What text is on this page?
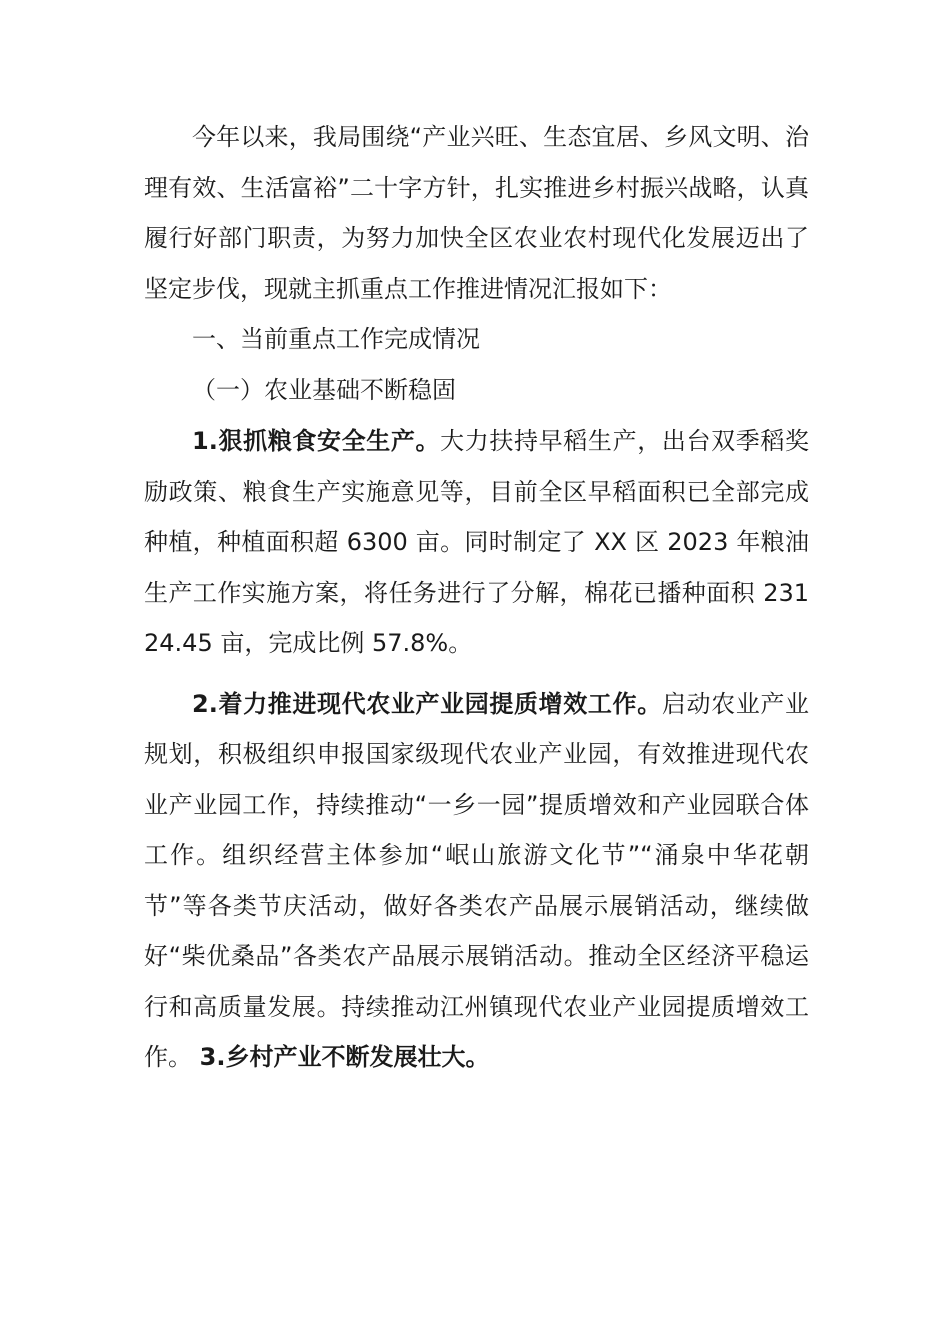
今年以来，我局围绕“产业兴旺、生态宜居、乡风文明、治理有效、生活富裕”二十字方针，扎实推进乡村振兴战略，认真履行好部门职责，为努力加快全区农业农村现代化发展迈出了坚定步伐，现就主抓重点工作推进情况汇报如下：

一、当前重点工作完成情况

（一）农业基础不断稳固

1.狠抓粮食安全生产。大力扶持早稻生产，出台双季稻奖励政策、粮食生产实施意见等，目前全区早稻面积已全部完成种植，种植面积超 6300 亩。同时制定了 XX 区 2023 年粮油生产工作实施方案，将任务进行了分解，棉花已播种面积 23124.45 亩，完成比例 57.8%。

2.着力推进现代农业产业园提质增效工作。启动农业产业规划，积极组织申报国家级现代农业产业园，有效推进现代农业产业园工作，持续推动“一乡一园”提质增效和产业园联合体工作。组织经营主体参加“岷山旅游文化节”“涌泉中华花朝节”等各类节庆活动，做好各类农产品展示展销活动，继续做好“柴优桑品”各类农产品展示展销活动。推动全区经济平稳运行和高质量发展。持续推动江州镇现代农业产业园提质增效工作。 3.乡村产业不断发展壮大。
